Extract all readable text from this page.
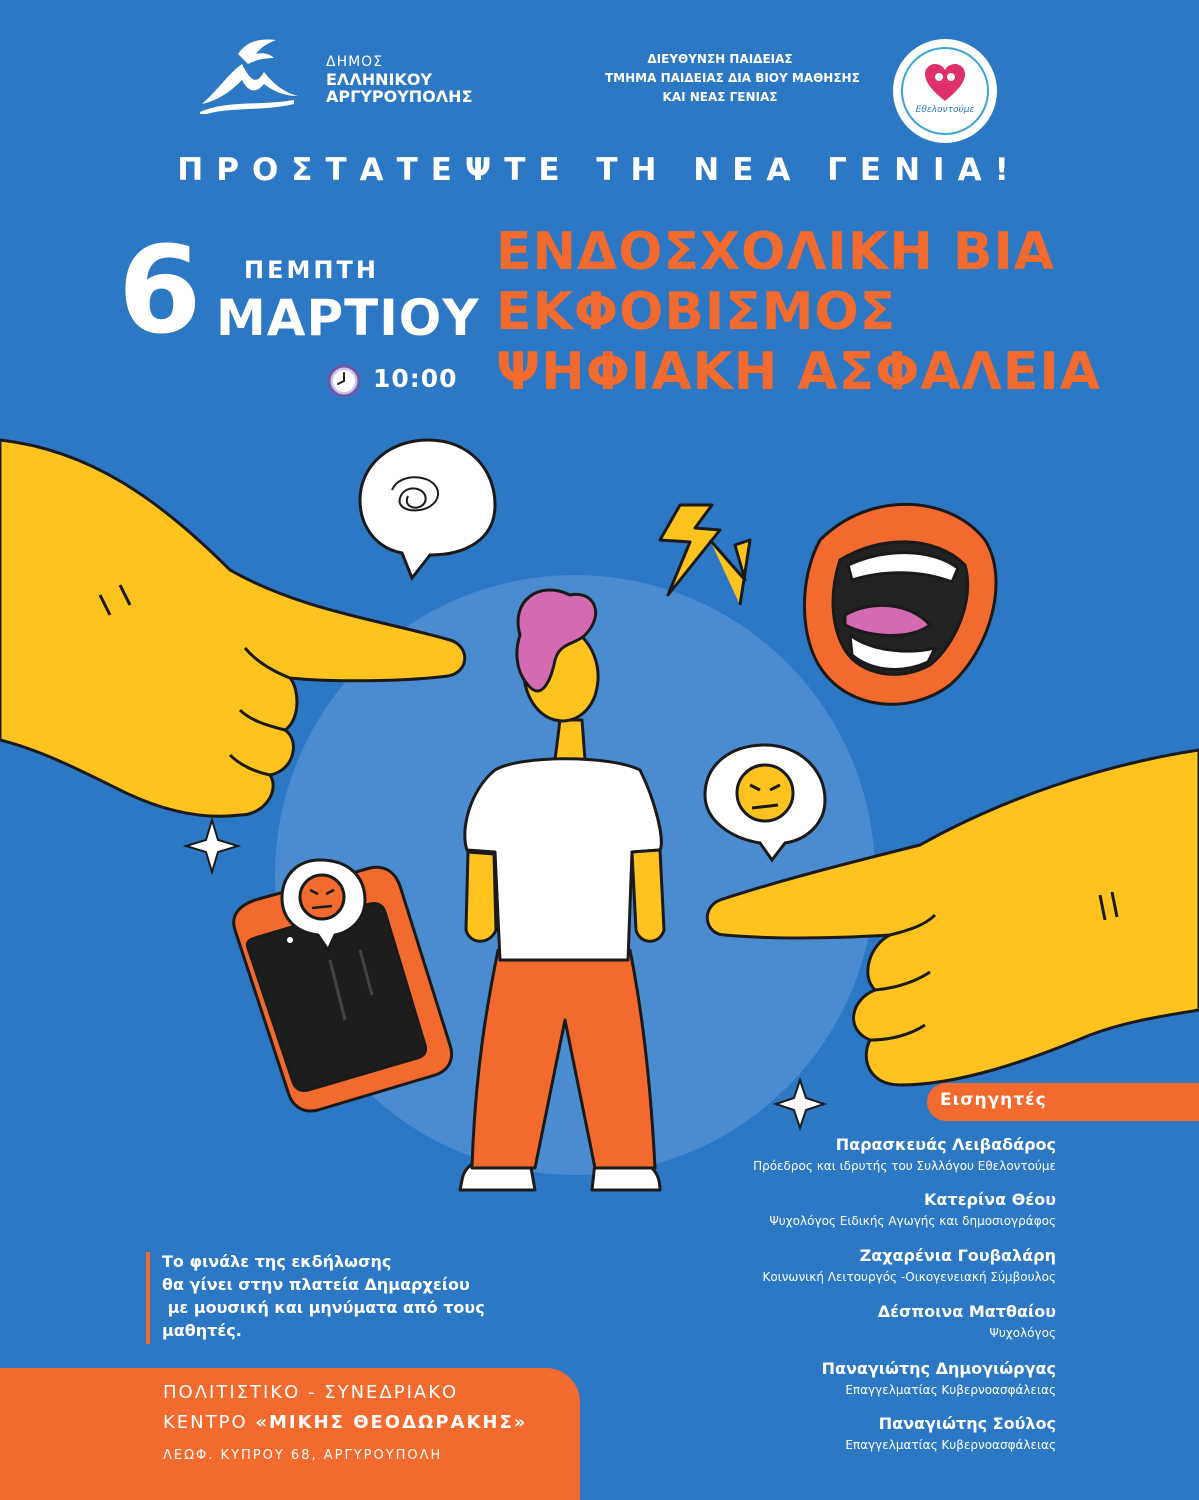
ΔΗΜΟΣ
ΕΛΛΗΝΙΚΟΥ
ΑΡΓΥΡΟΥΠΟΛΗΣ
ΔΙΕΥΘΥΝΣΗ ΠΑΙΔΕΙΑΣ
ΤΜΗΜΑ ΠΑΙΔΕΙΑΣ ΔΙΑ ΒΙΟΥ ΜΑΘΗΣΗΣ
ΚΑΙ ΝΕΑΣ ΓΕΝΙΑΣ
Εθελοντούμε
ΠΡΟΣΤΑΤΕΨΤΕ ΤΗ ΝΕΑ ΓΕΝΙΑ!
6 ΠΕΜΠΤΗ
ΜΑΡΤΙΟΥ
10:00
ΕΝΔΟΣΧΟΛΙΚΗ ΒΙΑ
ΕΚΦΟΒΙΣΜΟΣ
ΨΗΦΙΑΚΗ ΑΣΦΑΛΕΙΑ
Εισηγητές
Παρασκευάς Λειβαδάρος
Πρόεδρος και ιδρυτής του Συλλόγου Εθελοντούμε
Κατερίνα Θέου
Ψυχολόγος Ειδικής Αγωγής και δημοσιογράφος
Ζαχαρένια Γουβαλάρη
Κοινωνική Λειτουργός -Οικογενειακή Σύμβουλος
Δέσποινα Ματθαίου
Ψυχολόγος
Παναγιώτης Δημογιώργας
Επαγγελματίας Κυβερνοασφάλειας
Παναγιώτης Σούλος
Επαγγελματίας Κυβερνοασφάλειας
Το φινάλε της εκδήλωσης
θα γίνει στην πλατεία Δημαρχείου
με μουσική και μηνύματα από τους
μαθητές.
ΠΟΛΙΤΙΣΤΙΚΟ - ΣΥΝΕΔΡΙΑΚΟ
ΚΕΝΤΡΟ «ΜΙΚΗΣ ΘΕΟΔΩΡΑΚΗΣ»
ΛΕΩΦ. ΚΥΠΡΟΥ 68, ΑΡΓΥΡΟΥΠΟΛΗ
